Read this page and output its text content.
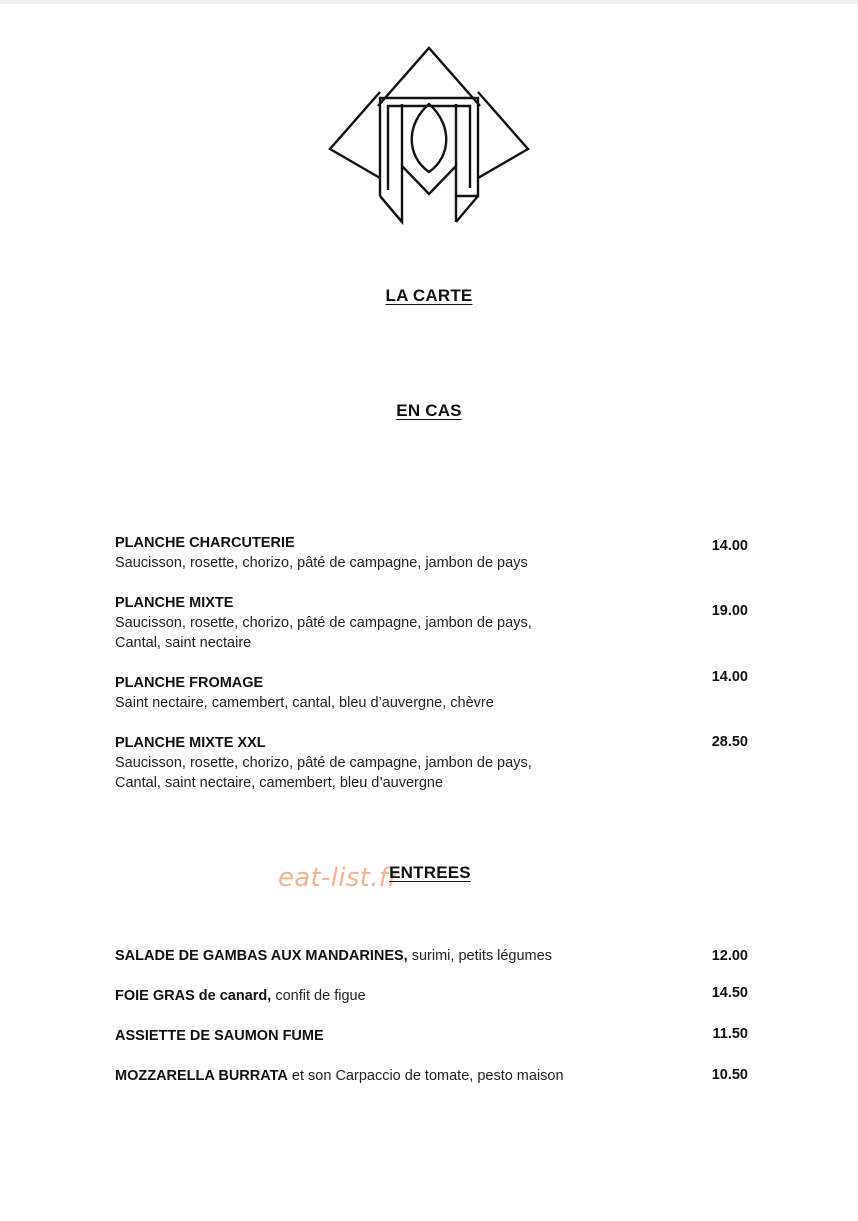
LA CARTE
EN CAS
PLANCHE CHARCUTERIE
Saucisson, rosette, chorizo, pâté de campagne, jambon de pays
14.00
PLANCHE MIXTE
Saucisson, rosette, chorizo, pâté de campagne, jambon de pays,
Cantal, saint nectaire
19.00
PLANCHE FROMAGE
Saint nectaire, camembert, cantal, bleu d’auvergne, chèvre
14.00
PLANCHE MIXTE XXL
Saucisson, rosette, chorizo, pâté de campagne, jambon de pays,
Cantal, saint nectaire, camembert, bleu d’auvergne
28.50
eat-list.fr
ENTREES
SALADE DE GAMBAS AUX MANDARINES, surimi, petits légumes	12.00
FOIE GRAS de canard, confit de figue	14.50
ASSIETTE DE SAUMON FUME	11.50
MOZZARELLA BURRATA et son Carpaccio de tomate, pesto maison	10.50
